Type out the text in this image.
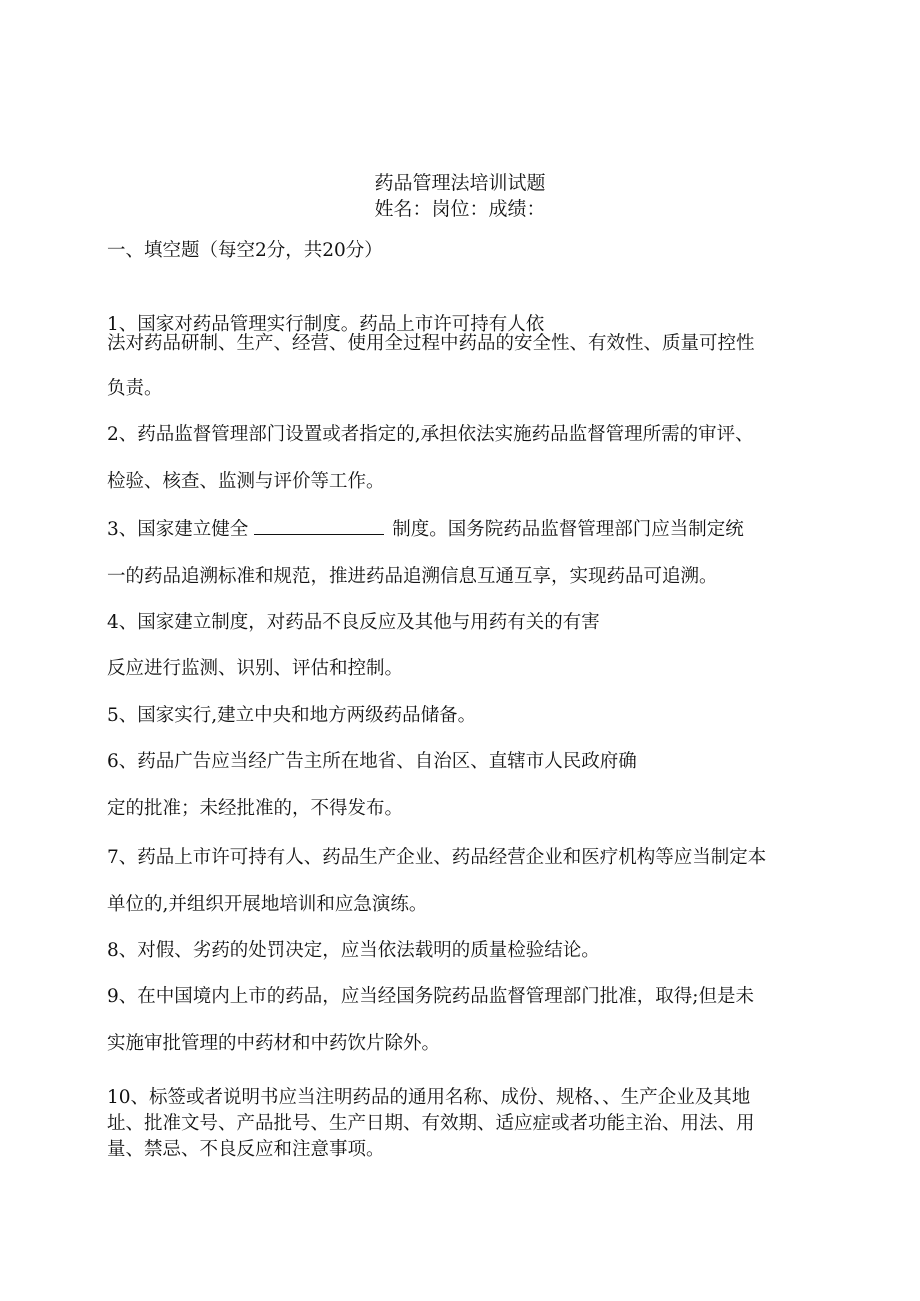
药品管理法培训试题
姓名：岗位：成绩：
一、填空题（每空2分，共20分）
1、国家对药品管理实行制度。药品上市许可持有人依
法对药品研制、生产、经营、使用全过程中药品的安全性、有效性、质量可控性
负责。
2、药品监督管理部门设置或者指定的,承担依法实施药品监督管理所需的审评、
检验、核查、监测与评价等工作。
3、国家建立健全	制度。国务院药品监督管理部门应当制定统
一的药品追溯标准和规范，推进药品追溯信息互通互享，实现药品可追溯。
4、国家建立制度，对药品不良反应及其他与用药有关的有害
反应进行监测、识别、评估和控制。
5、国家实行,建立中央和地方两级药品储备。
6、药品广告应当经广告主所在地省、自治区、直辖市人民政府确
定的批准；未经批准的，不得发布。
7、药品上市许可持有人、药品生产企业、药品经营企业和医疗机构等应当制定本
单位的,并组织开展地培训和应急演练。
8、对假、劣药的处罚决定，应当依法载明的质量检验结论。
9、在中国境内上市的药品，应当经国务院药品监督管理部门批准，取得;但是未
实施审批管理的中药材和中药饮片除外。
10、标签或者说明书应当注明药品的通用名称、成份、规格、、生产企业及其地
址、批准文号、产品批号、生产日期、有效期、适应症或者功能主治、用法、用
量、禁忌、不良反应和注意事项。
